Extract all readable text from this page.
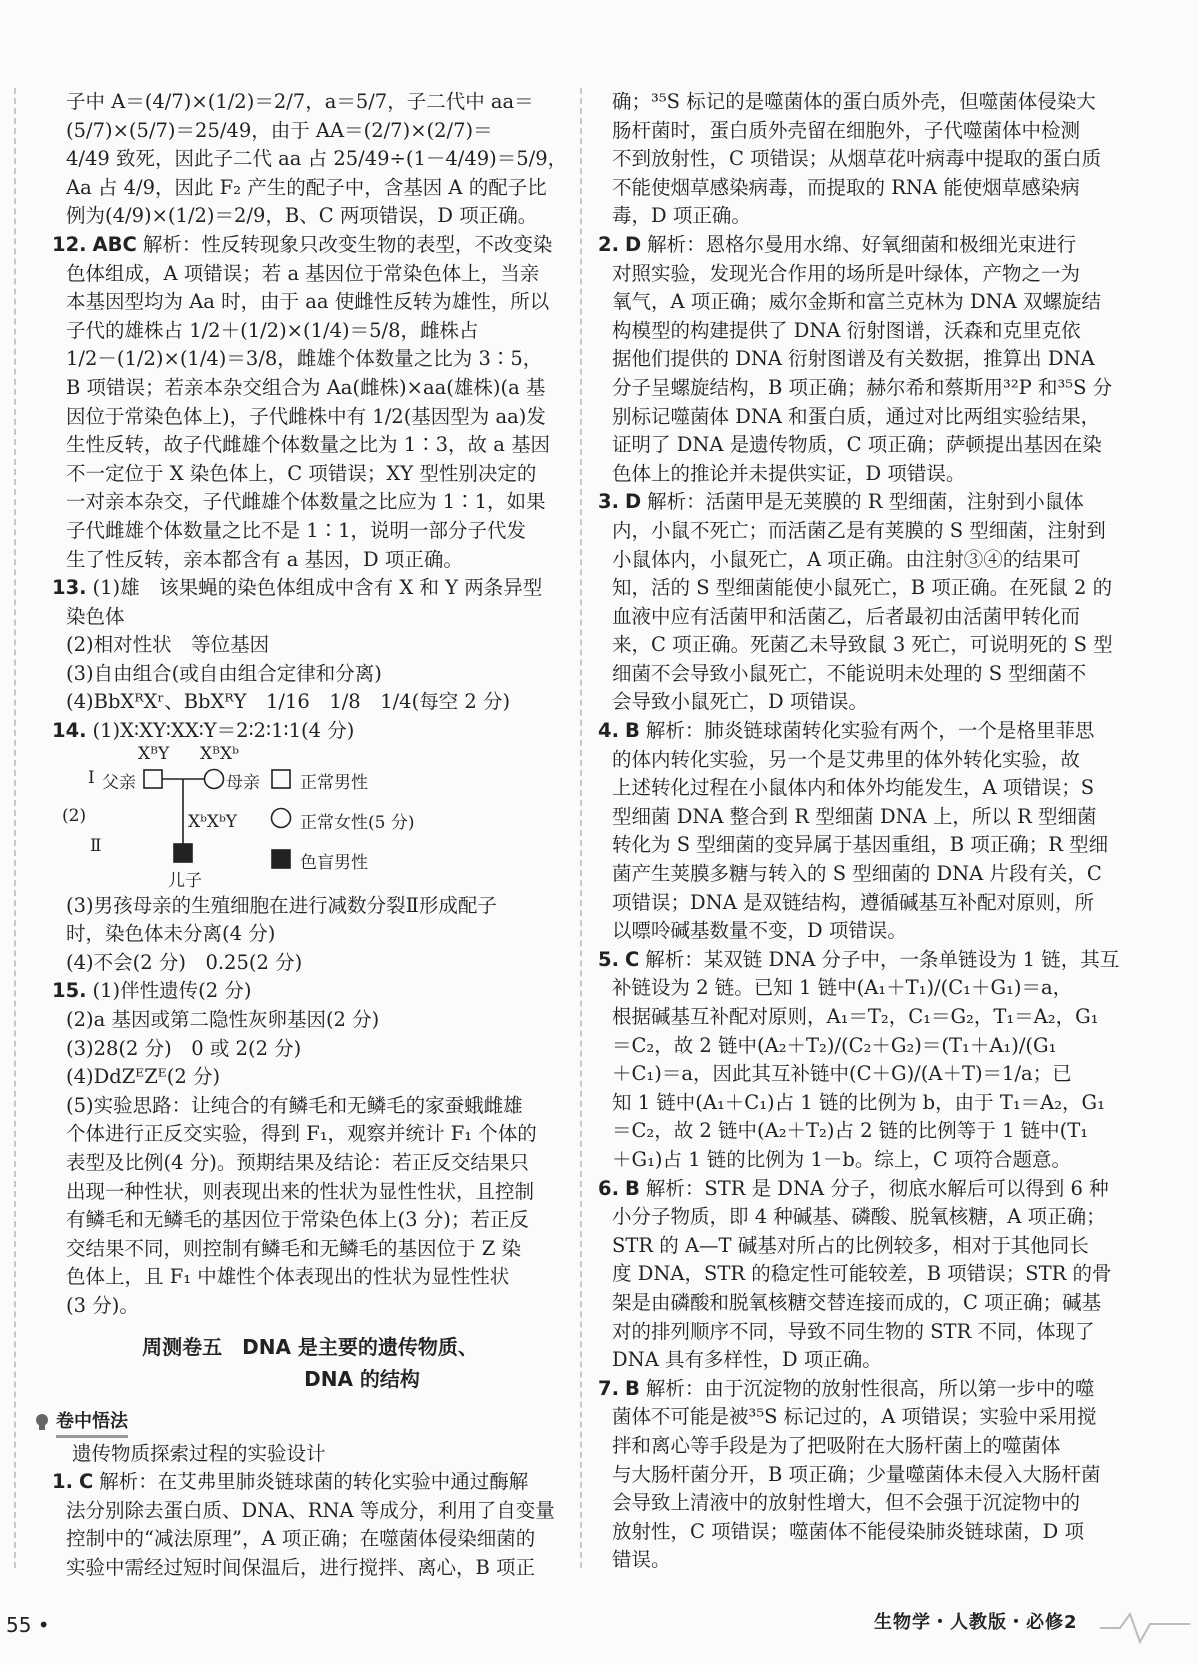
子中 A＝(4/7)×(1/2)＝2/7，a＝5/7，子二代中 aa＝
(5/7)×(5/7)＝25/49，由于 AA＝(2/7)×(2/7)＝
4/49 致死，因此子二代 aa 占 25/49÷(1－4/49)＝5/9，
Aa 占 4/9，因此 F₂ 产生的配子中，含基因 A 的配子比
例为(4/9)×(1/2)＝2/9，B、C 两项错误，D 项正确。
12. ABC 解析：性反转现象只改变生物的表型，不改变染
色体组成，A 项错误；若 a 基因位于常染色体上，当亲
本基因型均为 Aa 时，由于 aa 使雌性反转为雄性，所以
子代的雄株占 1/2＋(1/2)×(1/4)＝5/8，雌株占
1/2－(1/2)×(1/4)＝3/8，雌雄个体数量之比为 3∶5，
B 项错误；若亲本杂交组合为 Aa(雌株)×aa(雄株)(a 基
因位于常染色体上)，子代雌株中有 1/2(基因型为 aa)发
生性反转，故子代雌雄个体数量之比为 1∶3，故 a 基因
不一定位于 X 染色体上，C 项错误；XY 型性别决定的
一对亲本杂交，子代雌雄个体数量之比应为 1∶1，如果
子代雌雄个体数量之比不是 1∶1，说明一部分子代发
生了性反转，亲本都含有 a 基因，D 项正确。
13. (1)雄　该果蝇的染色体组成中含有 X 和 Y 两条异型
染色体
(2)相对性状　等位基因
(3)自由组合(或自由组合定律和分离)
(4)BbXᴿXʳ、BbXᴿY　1/16　1/8　1/4(每空 2 分)
14. (1)X∶XY∶XX∶Y＝2∶2∶1∶1(4 分)
XᴮY XᴮXᵇ
Ⅰ 父亲	母亲
(2)	XᵇXᵇY
Ⅱ
儿子
正常男性
正常女性(5 分)
色盲男性
(3)男孩母亲的生殖细胞在进行减数分裂Ⅱ形成配子
时，染色体未分离(4 分)
(4)不会(2 分)　0.25(2 分)
15. (1)伴性遗传(2 分)
(2)a 基因或第二隐性灰卵基因(2 分)
(3)28(2 分)　0 或 2(2 分)
(4)DdZᴱZᴱ(2 分)
(5)实验思路：让纯合的有鳞毛和无鳞毛的家蚕蛾雌雄
个体进行正反交实验，得到 F₁，观察并统计 F₁ 个体的
表型及比例(4 分)。预期结果及结论：若正反交结果只
出现一种性状，则表现出来的性状为显性性状，且控制
有鳞毛和无鳞毛的基因位于常染色体上(3 分)；若正反
交结果不同，则控制有鳞毛和无鳞毛的基因位于 Z 染
色体上，且 F₁ 中雄性个体表现出的性状为显性性状
(3 分)。
周测卷五　DNA 是主要的遗传物质、
DNA 的结构
卷中悟法
遗传物质探索过程的实验设计
1. C 解析：在艾弗里肺炎链球菌的转化实验中通过酶解
法分别除去蛋白质、DNA、RNA 等成分，利用了自变量
控制中的“减法原理”，A 项正确；在噬菌体侵染细菌的
实验中需经过短时间保温后，进行搅拌、离心，B 项正
确；³⁵S 标记的是噬菌体的蛋白质外壳，但噬菌体侵染大
肠杆菌时，蛋白质外壳留在细胞外，子代噬菌体中检测
不到放射性，C 项错误；从烟草花叶病毒中提取的蛋白质
不能使烟草感染病毒，而提取的 RNA 能使烟草感染病
毒，D 项正确。
2. D 解析：恩格尔曼用水绵、好氧细菌和极细光束进行
对照实验，发现光合作用的场所是叶绿体，产物之一为
氧气，A 项正确；威尔金斯和富兰克林为 DNA 双螺旋结
构模型的构建提供了 DNA 衍射图谱，沃森和克里克依
据他们提供的 DNA 衍射图谱及有关数据，推算出 DNA
分子呈螺旋结构，B 项正确；赫尔希和蔡斯用³²P 和³⁵S 分
别标记噬菌体 DNA 和蛋白质，通过对比两组实验结果，
证明了 DNA 是遗传物质，C 项正确；萨顿提出基因在染
色体上的推论并未提供实证，D 项错误。
3. D 解析：活菌甲是无荚膜的 R 型细菌，注射到小鼠体
内，小鼠不死亡；而活菌乙是有荚膜的 S 型细菌，注射到
小鼠体内，小鼠死亡，A 项正确。由注射③④的结果可
知，活的 S 型细菌能使小鼠死亡，B 项正确。在死鼠 2 的
血液中应有活菌甲和活菌乙，后者最初由活菌甲转化而
来，C 项正确。死菌乙未导致鼠 3 死亡，可说明死的 S 型
细菌不会导致小鼠死亡，不能说明未处理的 S 型细菌不
会导致小鼠死亡，D 项错误。
4. B 解析：肺炎链球菌转化实验有两个，一个是格里菲思
的体内转化实验，另一个是艾弗里的体外转化实验，故
上述转化过程在小鼠体内和体外均能发生，A 项错误；S
型细菌 DNA 整合到 R 型细菌 DNA 上，所以 R 型细菌
转化为 S 型细菌的变异属于基因重组，B 项正确；R 型细
菌产生荚膜多糖与转入的 S 型细菌的 DNA 片段有关，C
项错误；DNA 是双链结构，遵循碱基互补配对原则，所
以嘌呤碱基数量不变，D 项错误。
5. C 解析：某双链 DNA 分子中，一条单链设为 1 链，其互
补链设为 2 链。已知 1 链中(A₁＋T₁)/(C₁＋G₁)＝a，
根据碱基互补配对原则，A₁＝T₂，C₁＝G₂，T₁＝A₂，G₁
＝C₂，故 2 链中(A₂＋T₂)/(C₂＋G₂)＝(T₁＋A₁)/(G₁
＋C₁)＝a，因此其互补链中(C＋G)/(A＋T)＝1/a；已
知 1 链中(A₁＋C₁)占 1 链的比例为 b，由于 T₁＝A₂，G₁
＝C₂，故 2 链中(A₂＋T₂)占 2 链的比例等于 1 链中(T₁
＋G₁)占 1 链的比例为 1－b。综上，C 项符合题意。
6. B 解析：STR 是 DNA 分子，彻底水解后可以得到 6 种
小分子物质，即 4 种碱基、磷酸、脱氧核糖，A 项正确；
STR 的 A—T 碱基对所占的比例较多，相对于其他同长
度 DNA，STR 的稳定性可能较差，B 项错误；STR 的骨
架是由磷酸和脱氧核糖交替连接而成的，C 项正确；碱基
对的排列顺序不同，导致不同生物的 STR 不同，体现了
DNA 具有多样性，D 项正确。
7. B 解析：由于沉淀物的放射性很高，所以第一步中的噬
菌体不可能是被³⁵S 标记过的，A 项错误；实验中采用搅
拌和离心等手段是为了把吸附在大肠杆菌上的噬菌体
与大肠杆菌分开，B 项正确；少量噬菌体未侵入大肠杆菌
会导致上清液中的放射性增大，但不会强于沉淀物中的
放射性，C 项错误；噬菌体不能侵染肺炎链球菌，D 项
错误。
55 •	生物学・人教版・必修2
